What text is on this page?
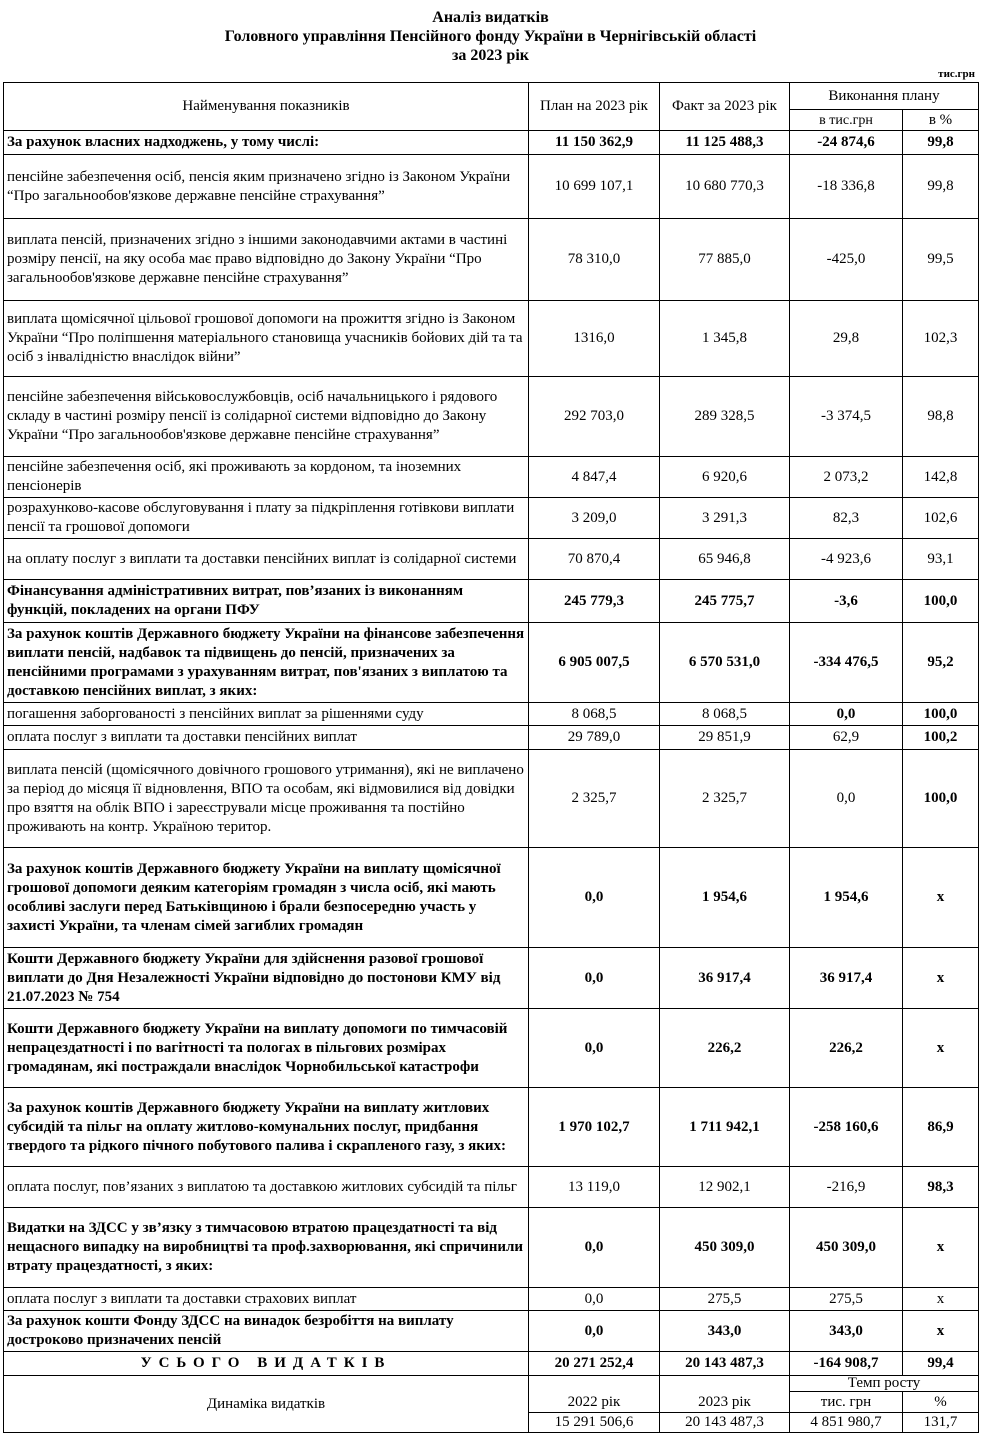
Аналіз видатків
Головного управління Пенсійного фонду України в Чернігівській області
за 2023 рік
тис.грн
Найменування показників	План на 2023 рік	Факт за 2023 рік	Виконання плану	
			в тис.грн	в %
За рахунок власних надходжень, у тому числі:	11 150 362,9	11 125 488,3	-24 874,6	99,8
пенсійне забезпечення осіб, пенсія яким призначено згідно із Законом України “Про загальнообов'язкове державне пенсійне страхування”	10 699 107,1	10 680 770,3	-18 336,8	99,8
виплата пенсій, призначених згідно з іншими законодавчими актами в частині розміру пенсії, на яку особа має право відповідно до Закону України “Про загальнообов'язкове державне пенсійне страхування”	78 310,0	77 885,0	-425,0	99,5
виплата щомісячної цільової грошової допомоги на прожиття згідно із Законом України “Про поліпшення матеріального становища учасників бойових дій та та осіб з інвалідністю внаслідок війни”	1316,0	1 345,8	29,8	102,3
пенсійне забезпечення військовослужбовців, осіб начальницького і рядового складу в частині розміру пенсії із солідарної системи відповідно до Закону України “Про загальнообов'язкове державне пенсійне страхування”	292 703,0	289 328,5	-3 374,5	98,8
пенсійне забезпечення осіб, які проживають за кордоном, та іноземних пенсіонерів	4 847,4	6 920,6	2 073,2	142,8
розрахунково-касове обслуговування і плату за підкріплення готівкови виплати пенсії та грошової допомоги	3 209,0	3 291,3	82,3	102,6
на оплату послуг з виплати та доставки пенсійних виплат із солідарної системи	70 870,4	65 946,8	-4 923,6	93,1
Фінансування адміністративних витрат, пов’язаних із виконанням функцій, покладених на органи ПФУ	245 779,3	245 775,7	-3,6	100,0
За рахунок коштів Державного бюджету України на фінансове забезпечення виплати пенсій, надбавок та підвищень до пенсій, призначених за пенсійними програмами з урахуванням витрат, пов'язаних з виплатою та доставкою пенсійних виплат, з яких:	6 905 007,5	6 570 531,0	-334 476,5	95,2
погашення заборгованості з пенсійних виплат за рішеннями суду	8 068,5	8 068,5	0,0	100,0
оплата послуг з виплати та доставки пенсійних виплат	29 789,0	29 851,9	62,9	100,2
виплата пенсій (щомісячного довічного грошового утримання), які не виплачено за період до місяця її відновлення, ВПО та особам, які відмовилися від довідки про взяття на облік ВПО і зареєстрували місце проживання та постійно проживають на контр. Україною територ.	2 325,7	2 325,7	0,0	100,0
За рахунок коштів Державного бюджету України на виплату щомісячної грошової допомоги деяким категоріям громадян з числа осіб, які мають особливі заслуги перед Батьківщиною і брали безпосередню участь у захисті України, та членам сімей загиблих громадян	0,0	1 954,6	1 954,6	х
Кошти Державного бюджету України для здійснення разової грошової виплати до Дня Незалежності України відповідно до постонови КМУ від 21.07.2023 № 754	0,0	36 917,4	36 917,4	х
Кошти Державного бюджету України на виплату допомоги по тимчасовій непрацездатності і по вагітності та пологах в пільгових розмірах громадянам, які постраждали внаслідок Чорнобильської катастрофи	0,0	226,2	226,2	х
За рахунок коштів Державного бюджету України на виплату житлових субсидій та пільг на оплату житлово-комунальних послуг, придбання твердого та рідкого пічного побутового палива і скрапленого газу, з яких:	1 970 102,7	1 711 942,1	-258 160,6	86,9
оплата послуг, пов’язаних з виплатою та доставкою житлових субсидій та пільг	13 119,0	12 902,1	-216,9	98,3
Видатки на ЗДСС у зв’язку з тимчасовою втратою працездатності та від нещасного випадку на виробництві та проф.захворювання, які спричинили втрату працездатності, з яких:	0,0	450 309,0	450 309,0	х
оплата послуг з виплати та доставки страхових виплат	0,0	275,5	275,5	х
За рахунок кошти Фонду ЗДСС на винадок безробіття на виплату достроково призначених пенсій	0,0	343,0	343,0	х
УСЬОГО ВИДАТКІВ	20 271 252,4	20 143 487,3	-164 908,7	99,4
Динаміка видатків	2022 рік	2023 рік	Темп росту	
			тис. грн	%
	15 291 506,6	20 143 487,3	4 851 980,7	131,7
